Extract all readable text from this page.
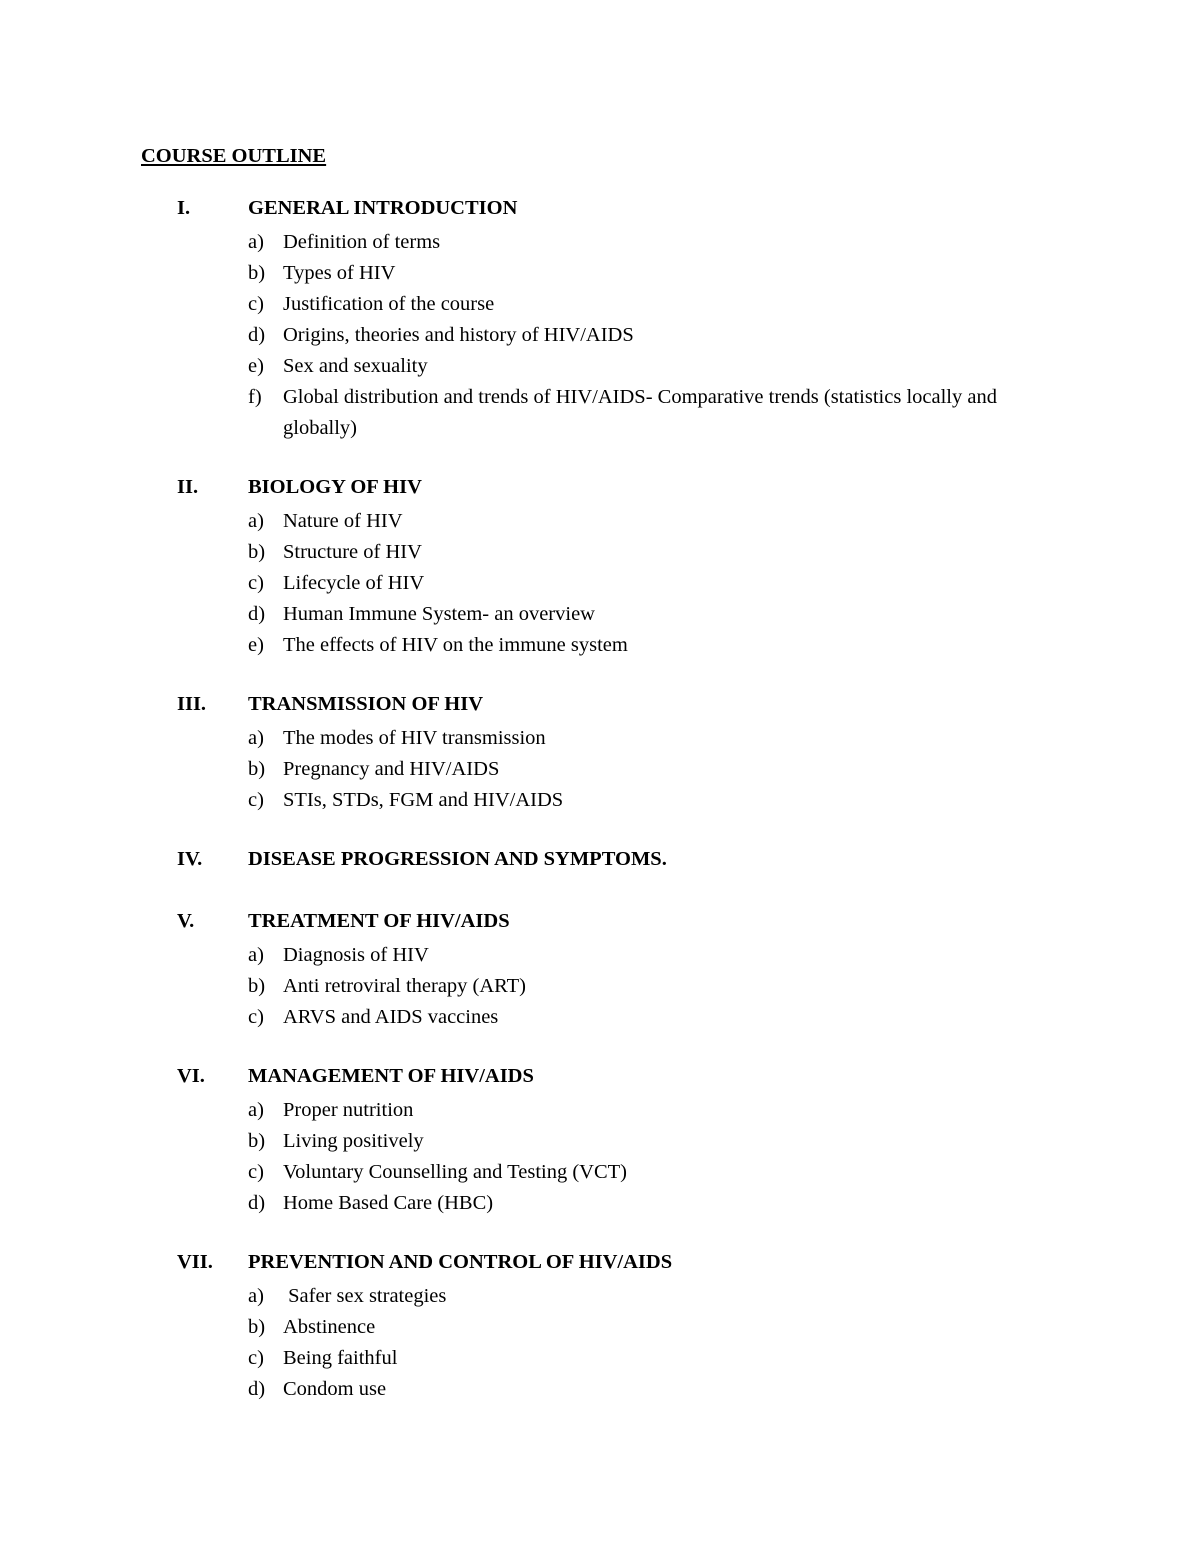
COURSE OUTLINE
I.	GENERAL INTRODUCTION
a) Definition of terms
b) Types of HIV
c) Justification of the course
d) Origins, theories and history of HIV/AIDS
e) Sex and sexuality
f) Global distribution and trends of HIV/AIDS- Comparative trends (statistics locally and globally)
II. BIOLOGY OF HIV
a) Nature of HIV
b) Structure of HIV
c) Lifecycle of HIV
d) Human Immune System- an overview
e) The effects of HIV on the immune system
III. TRANSMISSION OF HIV
a) The modes of HIV transmission
b) Pregnancy and HIV/AIDS
c) STIs, STDs, FGM and HIV/AIDS
IV. DISEASE PROGRESSION AND SYMPTOMS.
V.	TREATMENT OF HIV/AIDS
a) Diagnosis of HIV
b) Anti retroviral therapy (ART)
c) ARVS and AIDS vaccines
VI. MANAGEMENT OF HIV/AIDS
a) Proper nutrition
b) Living positively
c) Voluntary Counselling and Testing (VCT)
d) Home Based Care (HBC)
VII. PREVENTION AND CONTROL OF HIV/AIDS
a) Safer sex strategies
b) Abstinence
c) Being faithful
d) Condom use
